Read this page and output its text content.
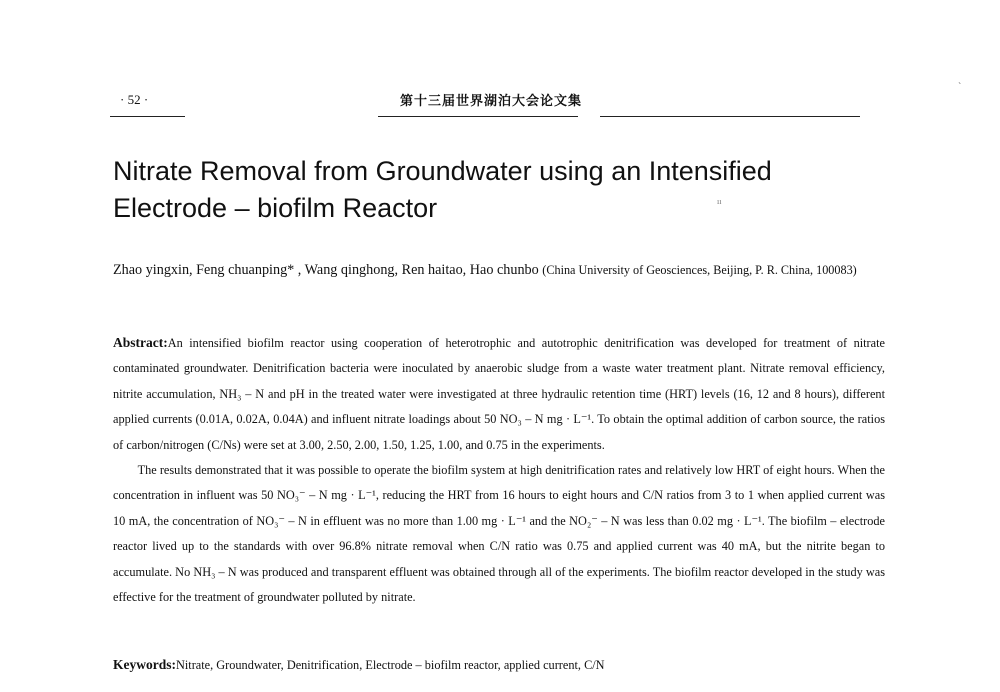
· 52 ·	第十三届世界湖泊大会论文集
`
Nitrate Removal from Groundwater using an Intensified Electrode – biofilm Reactor	ıı
Zhao yingxin, Feng chuanping* , Wang qinghong, Ren haitao, Hao chunbo (China University of Geosciences, Beijing, P. R. China, 100083)

Abstract:An intensified biofilm reactor using cooperation of heterotrophic and autotrophic denitrification was developed for treatment of nitrate contaminated groundwater. Denitrification bacteria were inoculated by anaerobic sludge from a waste water treatment plant. Nitrate removal efficiency, nitrite accumulation, NH₃ – N and pH in the treated water were investigated at three hydraulic retention time (HRT) levels (16, 12 and 8 hours), different applied currents (0.01A, 0.02A, 0.04A) and influent nitrate loadings about 50 NO₃ – N mg · L⁻¹. To obtain the optimal addition of carbon source, the ratios of carbon/nitrogen (C/Ns) were set at 3.00, 2.50, 2.00, 1.50, 1.25, 1.00, and 0.75 in the experiments.

The results demonstrated that it was possible to operate the biofilm system at high denitrification rates and relatively low HRT of eight hours. When the concentration in influent was 50 NO₃⁻ – N mg · L⁻¹, reducing the HRT from 16 hours to eight hours and C/N ratios from 3 to 1 when applied current was 10 mA, the concentration of NO₃⁻ – N in effluent was no more than 1.00 mg · L⁻¹ and the NO₂⁻ – N was less than 0.02 mg · L⁻¹. The biofilm – electrode reactor lived up to the standards with over 96.8% nitrate removal when C/N ratio was 0.75 and applied current was 40 mA, but the nitrite began to accumulate. No NH₃ – N was produced and transparent effluent was obtained through all of the experiments. The biofilm reactor developed in the study was effective for the treatment of groundwater polluted by nitrate.

Keywords:Nitrate, Groundwater, Denitrification, Electrode – biofilm reactor, applied current, C/N
